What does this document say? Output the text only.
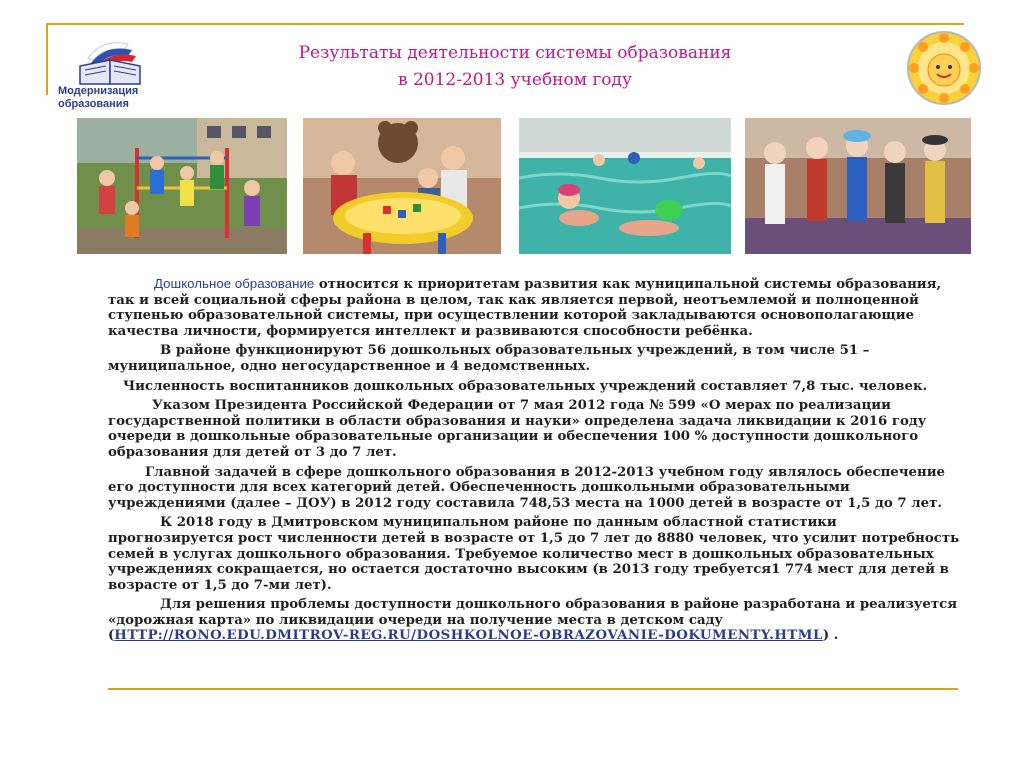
Модернизация
образования
Результаты деятельности системы образования
в 2012-2013 учебном году

Дошкольное образование относится к приоритетам развития как муниципальной системы образования, так и всей социальной сферы района в целом, так как является первой, неотъемлемой и полноценной ступенью образовательной системы, при осуществлении которой закладываются основополагающие качества личности, формируется интеллект и развиваются способности ребёнка.

В районе функционируют 56 дошкольных образовательных учреждений, в том числе 51 – муниципальное, одно негосударственное и 4 ведомственных.

Численность воспитанников дошкольных образовательных учреждений составляет 7,8 тыс. человек.

Указом Президента Российской Федерации от 7 мая 2012 года № 599 «О мерах по реализации государственной политики в области образования и науки» определена задача ликвидации к 2016 году очереди в дошкольные образовательные организации и обеспечения 100 % доступности дошкольного образования для детей от 3 до 7 лет.

Главной задачей в сфере дошкольного образования в 2012-2013 учебном году являлось обеспечение его доступности для всех категорий детей. Обеспеченность дошкольными образовательными учреждениями (далее – ДОУ) в 2012 году составила 748,53 места на 1000 детей в возрасте от 1,5 до 7 лет.

К 2018 году в Дмитровском муниципальном районе по данным областной статистики прогнозируется рост численности детей в возрасте от 1,5 до 7 лет до 8880 человек, что усилит потребность семей в услугах дошкольного образования. Требуемое количество мест в дошкольных образовательных учреждениях сокращается, но остается достаточно высоким (в 2013 году требуется1 774 мест для детей в возрасте от 1,5 до 7-ми лет).

Для решения проблемы доступности дошкольного образования в районе разработана и реализуется «дорожная карта» по ликвидации очереди на получение места в детском саду (HTTP://RONO.EDU.DMITROV-REG.RU/DOSHKOLNOE-OBRAZOVANIE-DOKUMENTY.HTML) .
